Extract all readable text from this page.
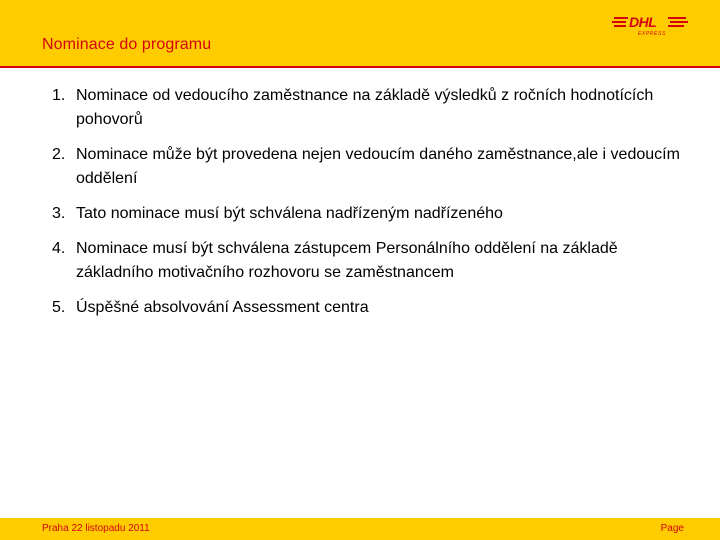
Nominace do programu
DHL
EXPRESS
1. Nominace od vedoucího zaměstnance na základě výsledků z ročních hodnotících pohovorů
2. Nominace může být provedena nejen vedoucím daného zaměstnance,ale i vedoucím oddělení
3. Tato nominace musí být schválena nadřízeným nadřízeného
4. Nominace musí být schválena zástupcem Personálního oddělení na základě základního motivačního rozhovoru se zaměstnancem
5. Úspěšné absolvování Assessment centra
Praha 22 listopadu 2011	Page
